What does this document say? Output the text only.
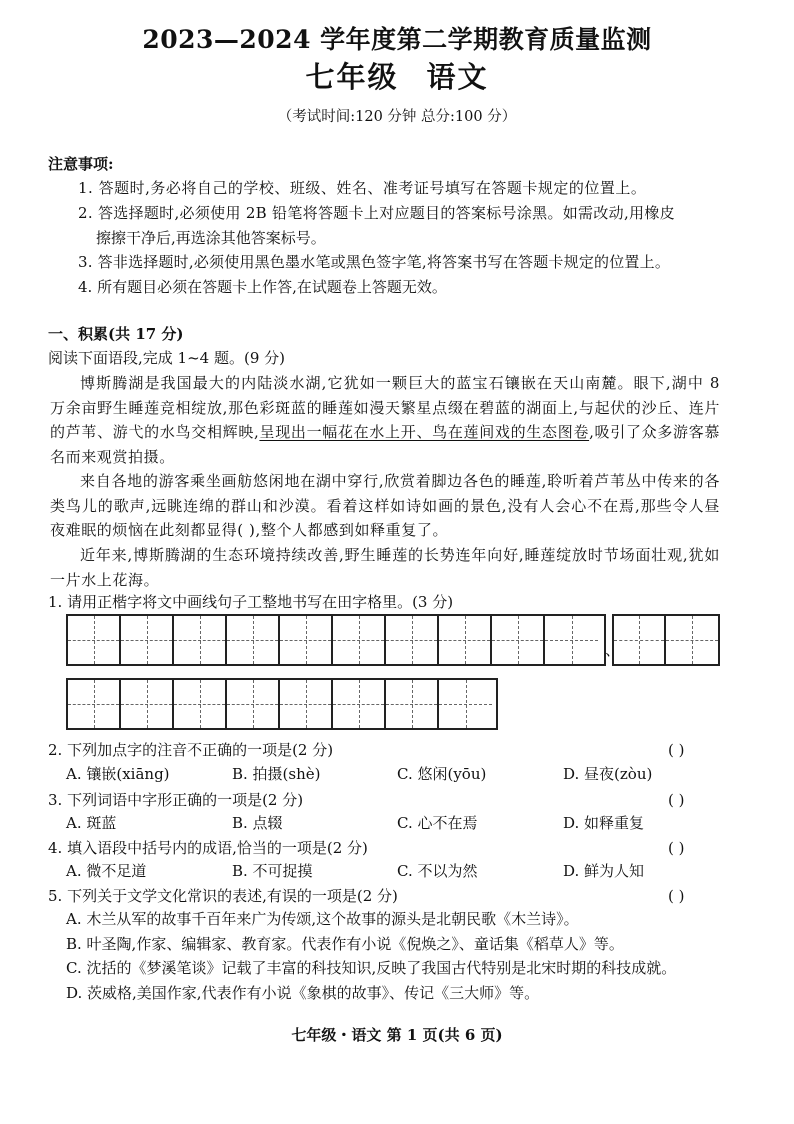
2023—2024 学年度第二学期教育质量监测
七年级 语文
（考试时间:120 分钟 总分:100 分）
注意事项:
1. 答题时,务必将自己的学校、班级、姓名、准考证号填写在答题卡规定的位置上。
2. 答选择题时,必须使用 2B 铅笔将答题卡上对应题目的答案标号涂黑。如需改动,用橡皮
擦擦干净后,再选涂其他答案标号。
3. 答非选择题时,必须使用黑色墨水笔或黑色签字笔,将答案书写在答题卡规定的位置上。
4. 所有题目必须在答题卡上作答,在试题卷上答题无效。
一、积累(共 17 分)
阅读下面语段,完成 1~4 题。(9 分)
博斯腾湖是我国最大的内陆淡水湖,它犹如一颗巨大的蓝宝石镶嵌在天山南麓。眼下,湖中 8 万余亩野生睡莲竞相绽放,那色彩斑蓝的睡莲如漫天繁星点缀在碧蓝的湖面上,与起伏的沙丘、连片的芦苇、游弋的水鸟交相辉映,呈现出一幅花在水上开、鸟在莲间戏的生态图卷,吸引了众多游客慕名而来观赏拍摄。
来自各地的游客乘坐画舫悠闲地在湖中穿行,欣赏着脚边各色的睡莲,聆听着芦苇丛中传来的各类鸟儿的歌声,远眺连绵的群山和沙漠。看着这样如诗如画的景色,没有人会心不在焉,那些令人昼夜难眠的烦恼在此刻都显得( ),整个人都感到如释重复了。
近年来,博斯腾湖的生态环境持续改善,野生睡莲的长势连年向好,睡莲绽放时节场面壮观,犹如一片水上花海。
1. 请用正楷字将文中画线句子工整地书写在田字格里。(3 分)
、
2. 下列加点字的注音不正确的一项是(2 分)	( )
A. 镶嵌(xiāng)	B. 拍摄(shè)	C. 悠闲(yōu)	D. 昼夜(zòu)
3. 下列词语中字形正确的一项是(2 分)	( )
A. 斑蓝	B. 点辍	C. 心不在焉	D. 如释重复
4. 填入语段中括号内的成语,恰当的一项是(2 分)	( )
A. 微不足道	B. 不可捉摸	C. 不以为然	D. 鲜为人知
5. 下列关于文学文化常识的表述,有误的一项是(2 分)	( )
A. 木兰从军的故事千百年来广为传颂,这个故事的源头是北朝民歌《木兰诗》。
B. 叶圣陶,作家、编辑家、教育家。代表作有小说《倪焕之》、童话集《稻草人》等。
C. 沈括的《梦溪笔谈》记载了丰富的科技知识,反映了我国古代特别是北宋时期的科技成就。
D. 茨威格,美国作家,代表作有小说《象棋的故事》、传记《三大师》等。
七年级・语文 第 1 页(共 6 页)
